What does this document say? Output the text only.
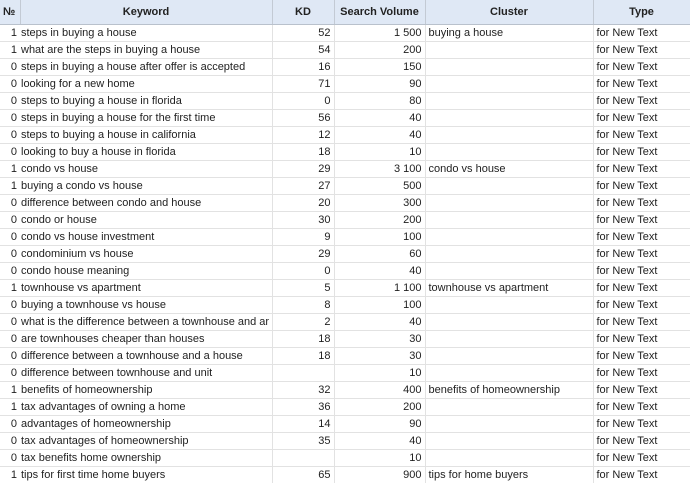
№	Keyword	KD	Search Volume	Cluster	Type
1	steps in buying a house	52	1 500	buying a house	for New Text
1	what are the steps in buying a house	54	200		for New Text
0	steps in buying a house after offer is accepted	16	150		for New Text
0	looking for a new home	71	90		for New Text
0	steps to buying a house in florida	0	80		for New Text
0	steps in buying a house for the first time	56	40		for New Text
0	steps to buying a house in california	12	40		for New Text
0	looking to buy a house in florida	18	10		for New Text
1	condo vs house	29	3 100	condo vs house	for New Text
1	buying a condo vs house	27	500		for New Text
0	difference between condo and house	20	300		for New Text
0	condo or house	30	200		for New Text
0	condo vs house investment	9	100		for New Text
0	condominium vs house	29	60		for New Text
0	condo house meaning	0	40		for New Text
1	townhouse vs apartment	5	1 100	townhouse vs apartment	for New Text
0	buying a townhouse vs house	8	100		for New Text
0	what is the difference between a townhouse and ar	2	40		for New Text
0	are townhouses cheaper than houses	18	30		for New Text
0	difference between a townhouse and a house	18	30		for New Text
0	difference between townhouse and unit		10		for New Text
1	benefits of homeownership	32	400	benefits of homeownership	for New Text
1	tax advantages of owning a home	36	200		for New Text
0	advantages of homeownership	14	90		for New Text
0	tax advantages of homeownership	35	40		for New Text
0	tax benefits home ownership		10		for New Text
1	tips for first time home buyers	65	900	tips for home buyers	for New Text
